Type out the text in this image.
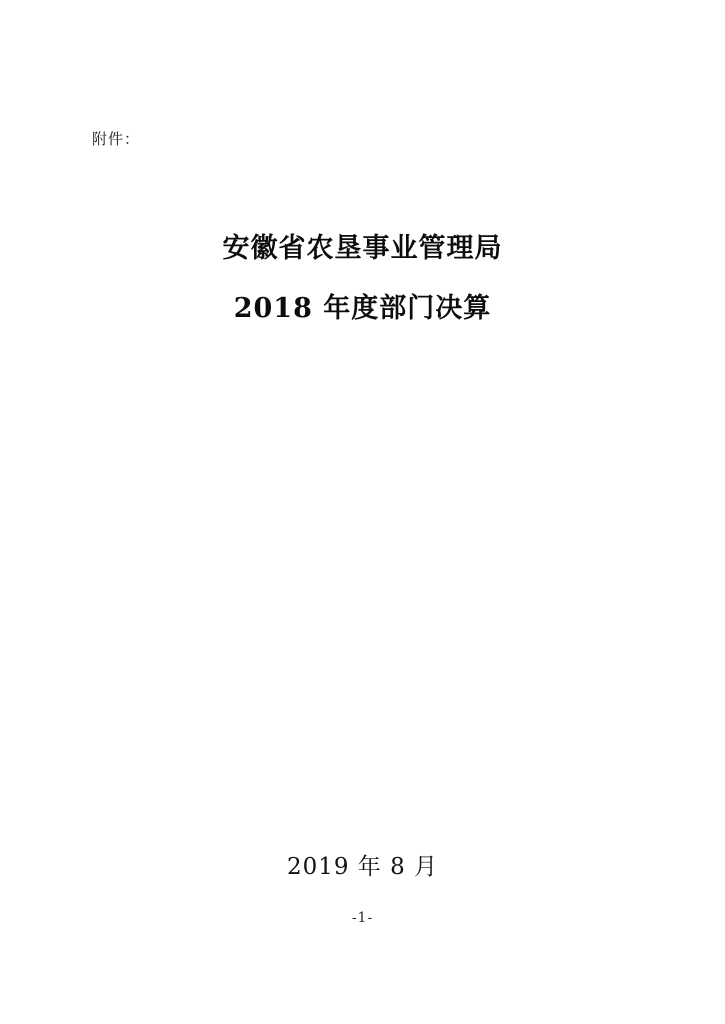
附件：
安徽省农垦事业管理局
2018 年度部门决算
2019 年 8 月
-1-
